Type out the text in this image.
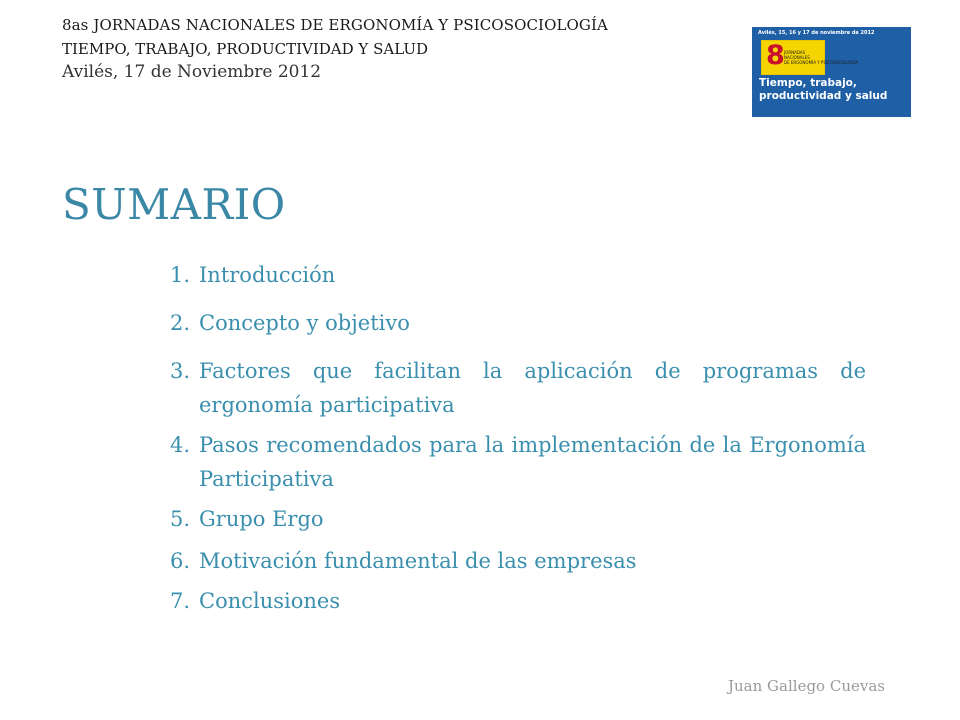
8as JORNADAS NACIONALES DE ERGONOMÍA Y PSICOSOCIOLOGÍA
TIEMPO, TRABAJO, PRODUCTIVIDAD Y SALUD
Avilés, 17 de Noviembre 2012
Avilés, 15, 16 y 17 de noviembre de 2012
8 JORNADAS
NACIONALES
DE ERGONOMÍA Y PSICOSOCIOLOGÍA
Tiempo, trabajo,
productividad y salud
SUMARIO
1. Introducción
2. Concepto y objetivo
3. Factores que facilitan la aplicación de programas de ergonomía participativa
4. Pasos recomendados para la implementación de la Ergonomía Participativa
5. Grupo Ergo
6. Motivación fundamental de las empresas
7. Conclusiones
Juan Gallego Cuevas
